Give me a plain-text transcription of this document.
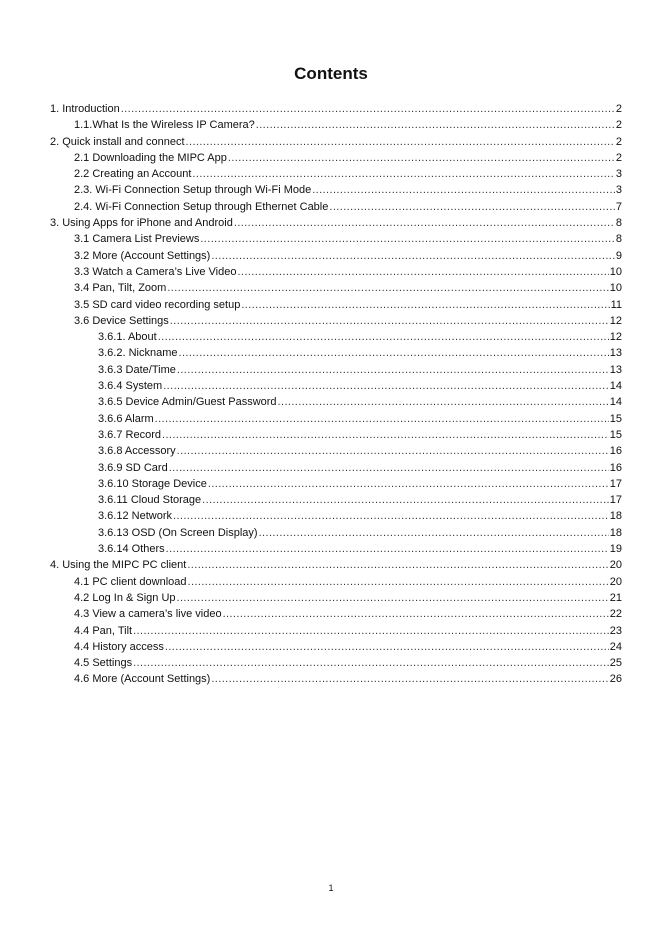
Contents
1. Introduction .....	2
1.1.What Is the Wireless IP Camera? .....	2
2. Quick install and connect .....	2
2.1 Downloading the MIPC App .....	2
2.2 Creating an Account .....	3
2.3. Wi-Fi Connection Setup through Wi-Fi Mode .....	3
2.4. Wi-Fi Connection Setup through Ethernet Cable .....	7
3. Using Apps for iPhone and Android .....	8
3.1 Camera List Previews .....	8
3.2 More (Account Settings) .....	9
3.3 Watch a Camera’s Live Video .....	10
3.4 Pan, Tilt, Zoom .....	10
3.5 SD card video recording setup .....	11
3.6 Device Settings .....	12
3.6.1. About .....	12
3.6.2. Nickname .....	13
3.6.3 Date/Time .....	13
3.6.4 System .....	14
3.6.5 Device Admin/Guest Password .....	14
3.6.6 Alarm .....	15
3.6.7 Record .....	15
3.6.8 Accessory .....	16
3.6.9 SD Card .....	16
3.6.10 Storage Device .....	17
3.6.11 Cloud Storage .....	17
3.6.12 Network .....	18
3.6.13 OSD (On Screen Display) .....	18
3.6.14 Others .....	19
4. Using the MIPC PC client .....	20
4.1 PC client download .....	20
4.2 Log In & Sign Up .....	21
4.3 View a camera’s live video .....	22
4.4 Pan, Tilt .....	23
4.4 History access .....	24
4.5 Settings .....	25
4.6 More (Account Settings) .....	26
1
